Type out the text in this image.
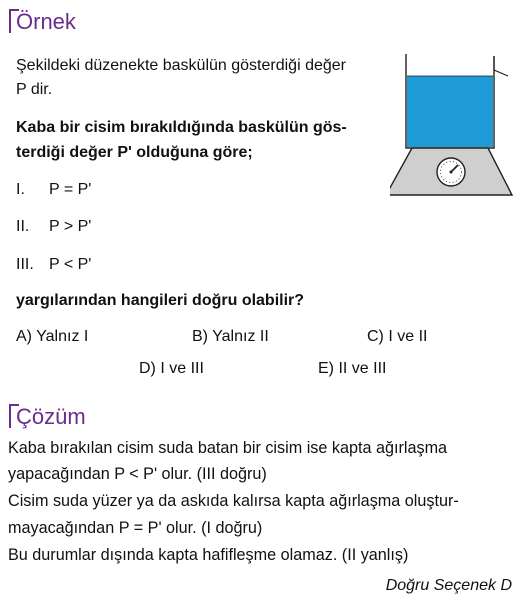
Örnek
Şekildeki düzenekte baskülün gösterdiği değer
P dir.
Kaba bir cisim bırakıldığında baskülün gös-
terdiği değer P' olduğuna göre;
I. P = P'
II. P > P'
III. P < P'
yargılarından hangileri doğru olabilir?
A) Yalnız I	B) Yalnız II	C) I ve II
D) I ve III	E) II ve III
Çözüm
Kaba bırakılan cisim suda batan bir cisim ise kapta ağırlaşma
yapacağından P < P' olur. (III doğru)
Cisim suda yüzer ya da askıda kalırsa kapta ağırlaşma oluştur-
mayacağından P = P' olur. (I doğru)
Bu durumlar dışında kapta hafifleşme olamaz. (II yanlış)
Doğru Seçenek D
